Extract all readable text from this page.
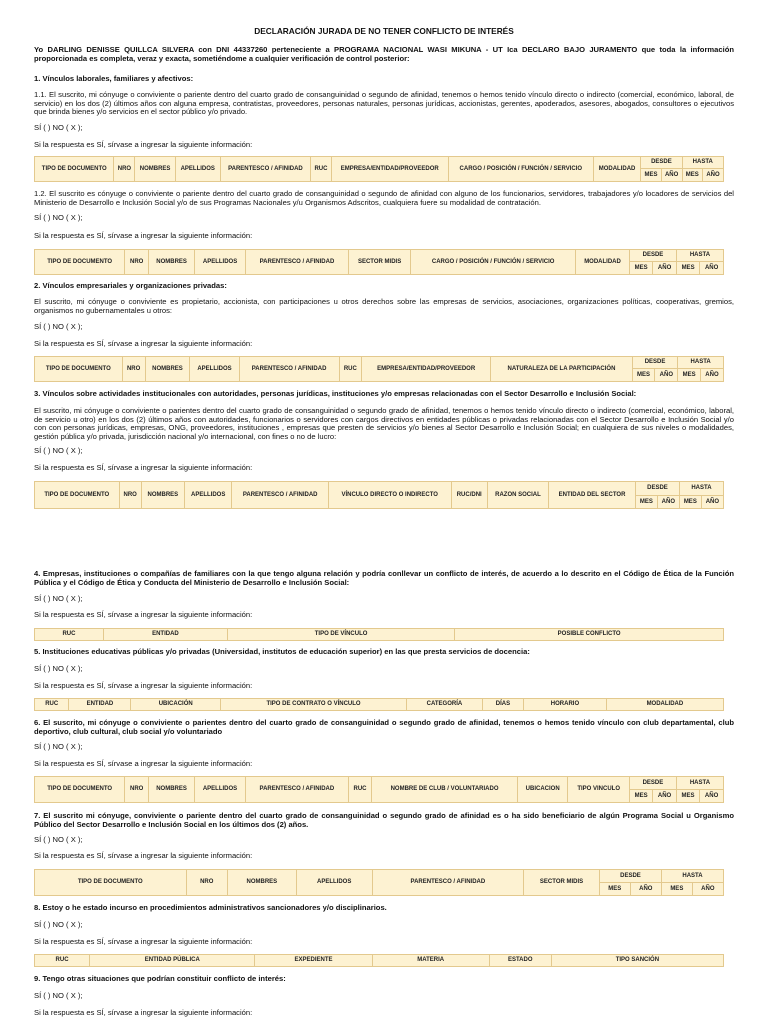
DECLARACIÓN JURADA DE NO TENER CONFLICTO DE INTERÉS

Yo DARLING DENISSE QUILLCA SILVERA con DNI 44337260 perteneciente a PROGRAMA NACIONAL WASI MIKUNA - UT Ica DECLARO BAJO JURAMENTO que toda la información proporcionada es completa, veraz y exacta, sometiéndome a cualquier verificación de control posterior:

1. Vínculos laborales, familiares y afectivos:

1.1. El suscrito, mi cónyuge o conviviente o pariente dentro del cuarto grado de consanguinidad o segundo de afinidad, tenemos o hemos tenido vínculo directo o indirecto (comercial, económico, laboral, de servicio) en los dos (2) últimos años con alguna empresa, contratistas, proveedores, personas naturales, personas jurídicas, accionistas, gerentes, apoderados, asesores, abogados, consultores o ejecutivos que brinda bienes y/o servicios en el sector público y/o privado.

SÍ ( ) NO ( X );

Si la respuesta es SÍ, sírvase a ingresar la siguiente información:

TIPO DE DOCUMENTO	NRO	NOMBRES	APELLIDOS	PARENTESCO / AFINIDAD	RUC	EMPRESA/ENTIDAD/PROVEEDOR	CARGO / POSICIÓN / FUNCIÓN / SERVICIO	MODALIDAD	DESDE		HASTA	
									MES	AÑO	MES	AÑO

1.2. El suscrito es cónyuge o conviviente o pariente dentro del cuarto grado de consanguinidad o segundo de afinidad con alguno de los funcionarios, servidores, trabajadores y/o locadores de servicios del Ministerio de Desarrollo e Inclusión Social y/o de sus Programas Nacionales y/u Organismos Adscritos, cualquiera fuere su modalidad de contratación.

SÍ ( ) NO ( X );

Si la respuesta es SÍ, sírvase a ingresar la siguiente información:

TIPO DE DOCUMENTO	NRO	NOMBRES	APELLIDOS	PARENTESCO / AFINIDAD	SECTOR MIDIS	CARGO / POSICIÓN / FUNCIÓN / SERVICIO	MODALIDAD	DESDE		HASTA	
								MES	AÑO	MES	AÑO

2. Vínculos empresariales y organizaciones privadas:

El suscrito, mi cónyuge o conviviente es propietario, accionista, con participaciones u otros derechos sobre las empresas de servicios, asociaciones, organizaciones políticas, cooperativas, gremios, organismos no gubernamentales u otros:

SÍ ( ) NO ( X );

Si la respuesta es SÍ, sírvase a ingresar la siguiente información:

TIPO DE DOCUMENTO	NRO	NOMBRES	APELLIDOS	PARENTESCO / AFINIDAD	RUC	EMPRESA/ENTIDAD/PROVEEDOR	NATURALEZA DE LA PARTICIPACIÓN	DESDE		HASTA	
								MES	AÑO	MES	AÑO

3. Vínculos sobre actividades institucionales con autoridades, personas jurídicas, instituciones y/o empresas relacionadas con el Sector Desarrollo e Inclusión Social:

El suscrito, mi cónyuge o conviviente o parientes dentro del cuarto grado de consanguinidad o segundo grado de afinidad, tenemos o hemos tenido vínculo directo o indirecto (comercial, económico, laboral, de servicio u otro) en los dos (2) últimos años con autoridades, funcionarios o servidores con cargos directivos en entidades públicas o privadas relacionadas con el Sector Desarrollo e Inclusión Social y/o con con personas jurídicas, empresas, ONG, proveedores, instituciones , empresas que presten de servicios y/o bienes al Sector Desarrollo e Inclusión Social; en cualquiera de sus niveles o modalidades, gestión pública y/o privada, jurisdicción nacional y/o internacional, con fines o no de lucro:

SÍ ( ) NO ( X );

Si la respuesta es SÍ, sírvase a ingresar la siguiente información:

TIPO DE DOCUMENTO	NRO	NOMBRES	APELLIDOS	PARENTESCO / AFINIDAD	VÍNCULO DIRECTO O INDIRECTO	RUC/DNI	RAZON SOCIAL	ENTIDAD DEL SECTOR	DESDE		HASTA	
									MES	AÑO	MES	AÑO

4. Empresas, instituciones o compañías de familiares con la que tengo alguna relación y podría conllevar un conflicto de interés, de acuerdo a lo descrito en el Código de Ética de la Función Pública y el Código de Ética y Conducta del Ministerio de Desarrollo e Inclusión Social:

SÍ ( ) NO ( X );

Si la respuesta es SÍ, sírvase a ingresar la siguiente información:

RUC	ENTIDAD	TIPO DE VÍNCULO	POSIBLE CONFLICTO

5. Instituciones educativas públicas y/o privadas (Universidad, institutos de educación superior) en las que presta servicios de docencia:

SÍ ( ) NO ( X );

Si la respuesta es SÍ, sírvase a ingresar la siguiente información:

RUC	ENTIDAD	UBICACIÓN	TIPO DE CONTRATO O VÍNCULO	CATEGORÍA	DÍAS	HORARIO	MODALIDAD

6. El suscrito, mi cónyuge o conviviente o parientes dentro del cuarto grado de consanguinidad o segundo grado de afinidad, tenemos o hemos tenido vínculo con club departamental, club deportivo, club cultural, club social y/o voluntariado

SÍ ( ) NO ( X );

Si la respuesta es SÍ, sírvase a ingresar la siguiente información:

TIPO DE DOCUMENTO	NRO	NOMBRES	APELLIDOS	PARENTESCO / AFINIDAD	RUC	NOMBRE DE CLUB / VOLUNTARIADO	UBICACION	TIPO VINCULO	DESDE		HASTA	
									MES	AÑO	MES	AÑO

7. El suscrito mi cónyuge, conviviente o pariente dentro del cuarto grado de consanguinidad o segundo grado de afinidad es o ha sido beneficiario de algún Programa Social u Organismo Público del Sector Desarrollo e Inclusión Social en los últimos dos (2) años.

SÍ ( ) NO ( X );

Si la respuesta es SÍ, sírvase a ingresar la siguiente información:

TIPO DE DOCUMENTO	NRO	NOMBRES	APELLIDOS	PARENTESCO / AFINIDAD	SECTOR MIDIS	DESDE		HASTA	
						MES	AÑO	MES	AÑO

8. Estoy o he estado incurso en procedimientos administrativos sancionadores y/o disciplinarios.

SÍ ( ) NO ( X );

Si la respuesta es SÍ, sírvase a ingresar la siguiente información:

RUC	ENTIDAD PÚBLICA	EXPEDIENTE	MATERIA	ESTADO	TIPO SANCIÓN

9. Tengo otras situaciones que podrían constituir conflicto de interés:

SÍ ( ) NO ( X );

Si la respuesta es SÍ, sírvase a ingresar la siguiente información:
